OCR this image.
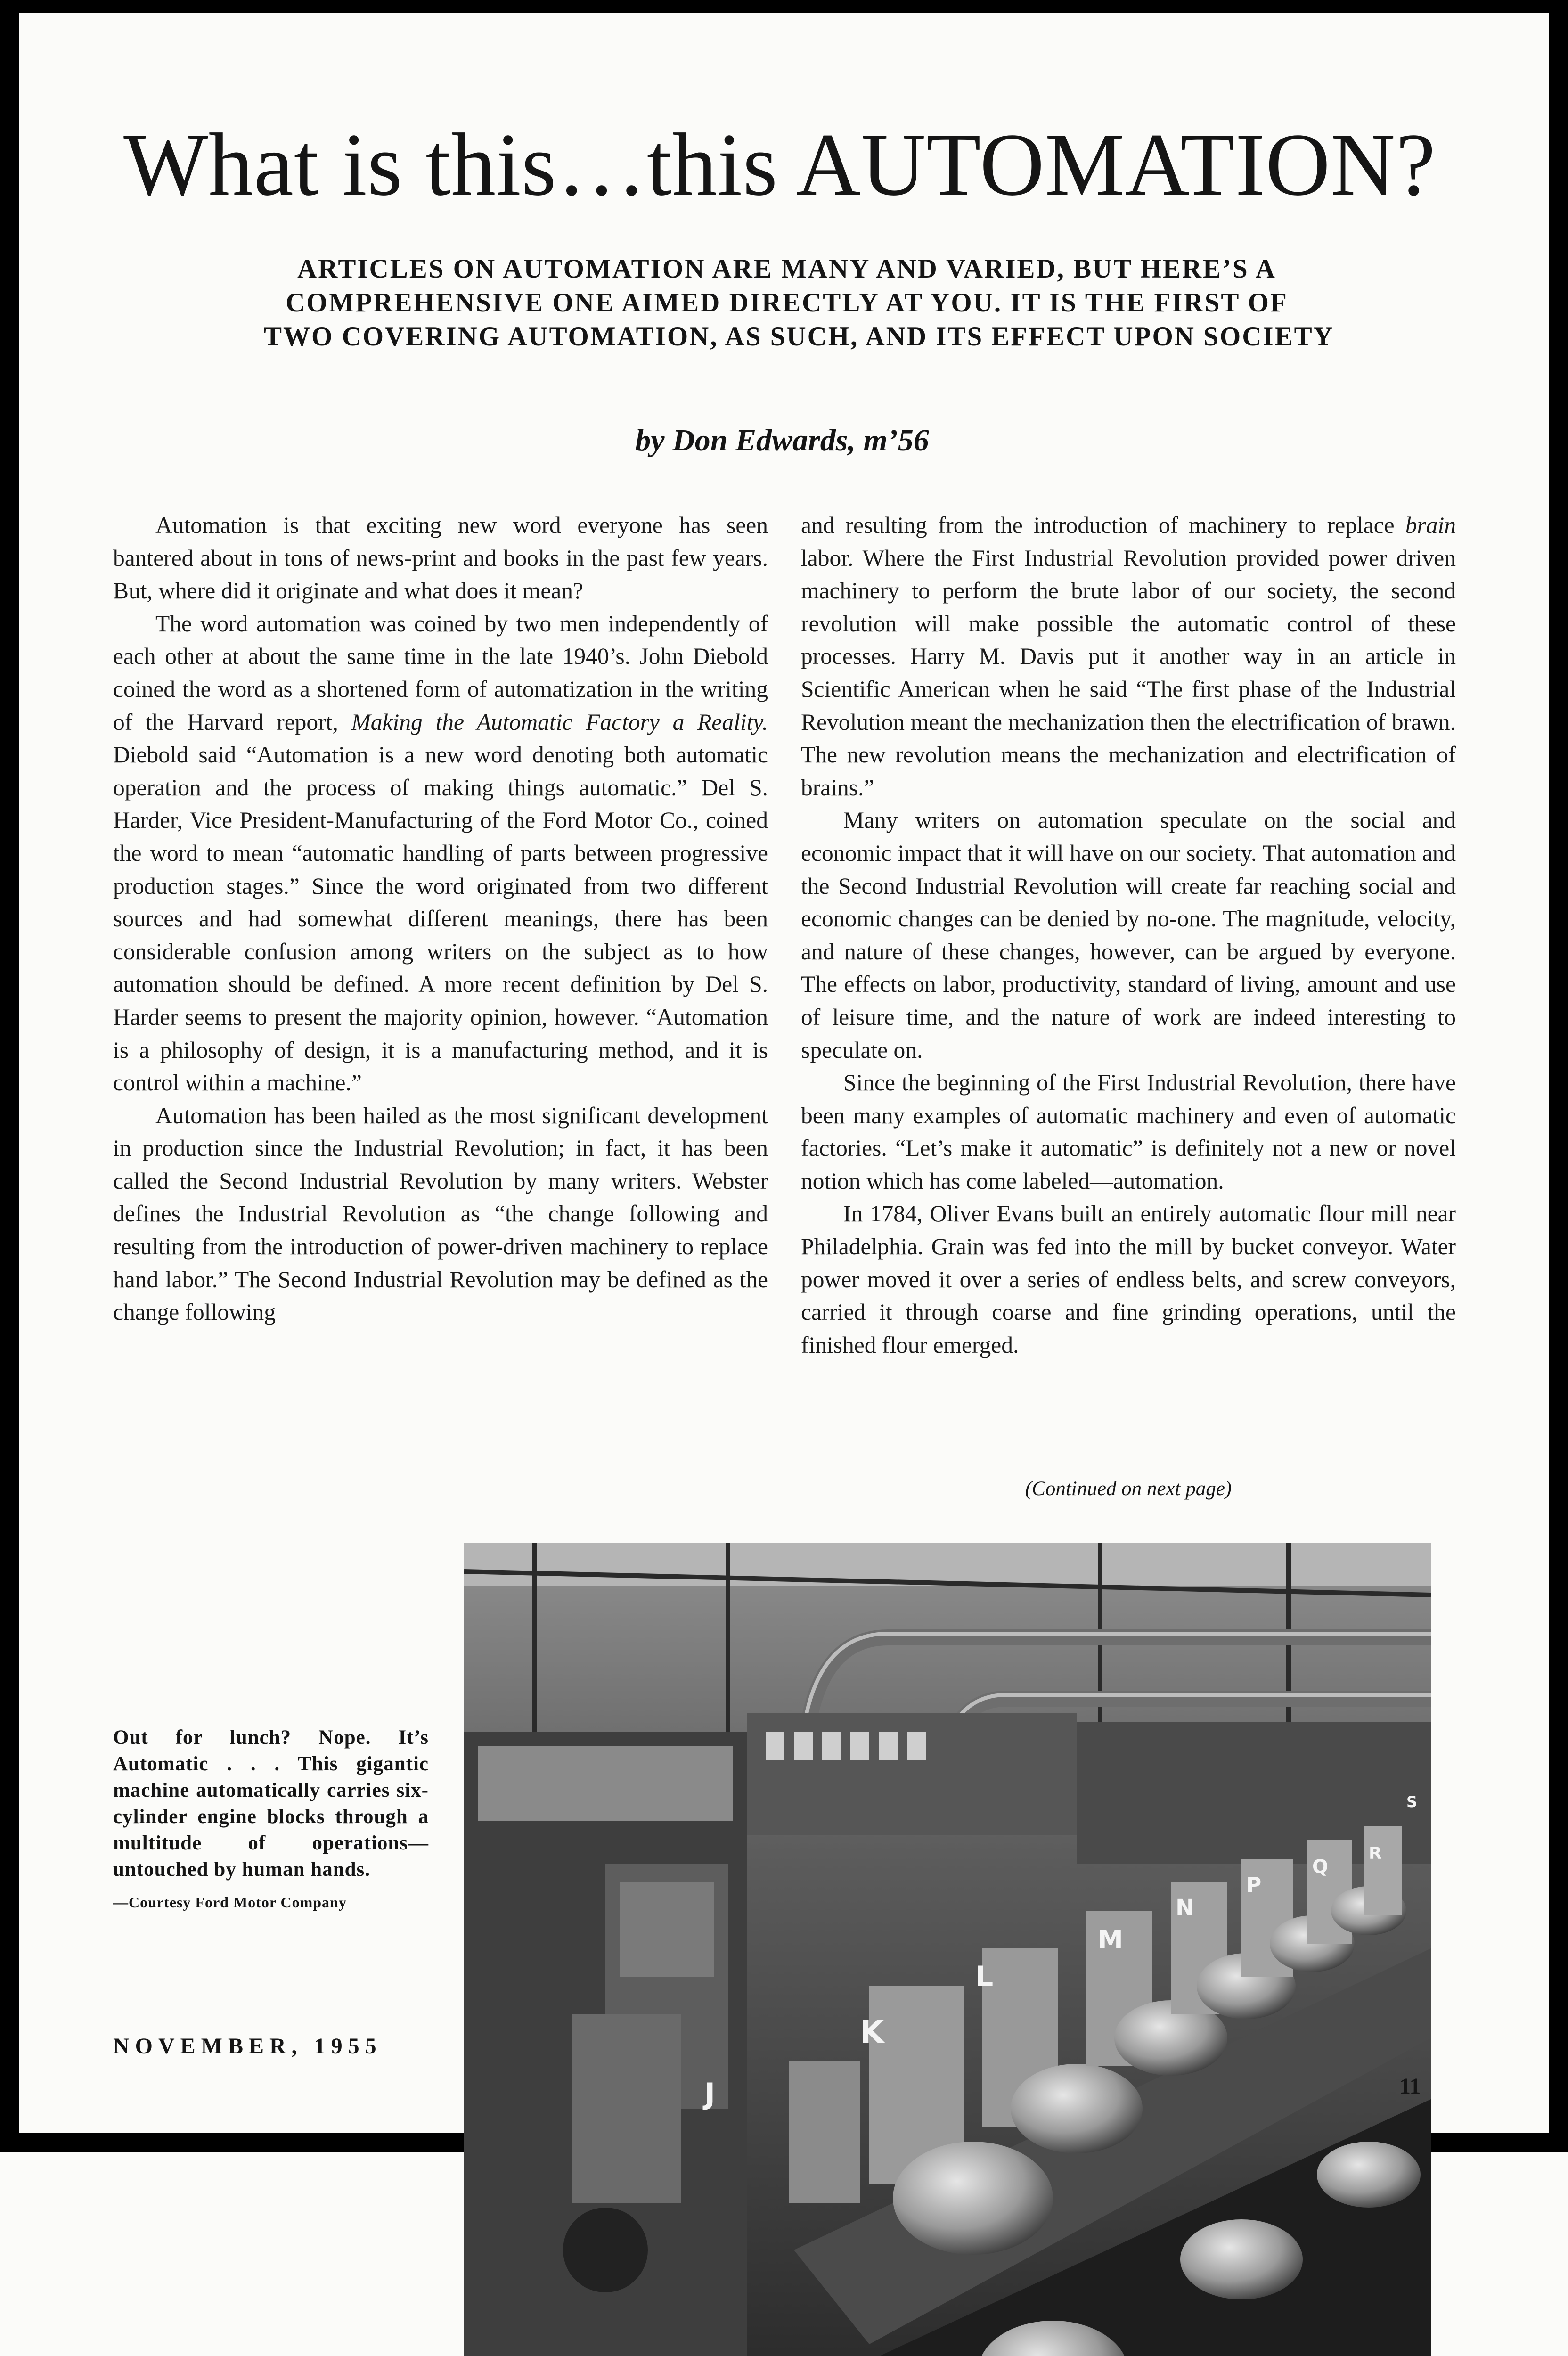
What is this…this AUTOMATION?
ARTICLES ON AUTOMATION ARE MANY AND VARIED, BUT HERE’S A
COMPREHENSIVE ONE AIMED DIRECTLY AT YOU. IT IS THE FIRST OF
TWO COVERING AUTOMATION, AS SUCH, AND ITS EFFECT UPON SOCIETY
by Don Edwards, m’56

Automation is that exciting new word everyone has seen bantered about in tons of news-print and books in the past few years. But, where did it originate and what does it mean?

The word automation was coined by two men independently of each other at about the same time in the late 1940’s. John Diebold coined the word as a shortened form of automatization in the writing of the Harvard report, Making the Automatic Factory a Reality. Diebold said “Automation is a new word denoting both automatic operation and the process of making things automatic.” Del S. Harder, Vice President-Manufacturing of the Ford Motor Co., coined the word to mean “automatic handling of parts between progressive production stages.” Since the word originated from two different sources and had somewhat different meanings, there has been considerable confusion among writers on the subject as to how automation should be defined. A more recent definition by Del S. Harder seems to present the majority opinion, however. “Automation is a philosophy of design, it is a manufacturing method, and it is control within a machine.”

Automation has been hailed as the most significant development in production since the Industrial Revolution; in fact, it has been called the Second Industrial Revolution by many writers. Webster defines the Industrial Revolution as “the change following and resulting from the introduction of power-driven machinery to replace hand labor.” The Second Industrial Revolution may be defined as the change following

and resulting from the introduction of machinery to replace brain labor. Where the First Industrial Revolution provided power driven machinery to perform the brute labor of our society, the second revolution will make possible the automatic control of these processes. Harry M. Davis put it another way in an article in Scientific American when he said “The first phase of the Industrial Revolution meant the mechanization then the electrification of brawn. The new revolution means the mechanization and electrification of brains.”

Many writers on automation speculate on the social and economic impact that it will have on our society. That automation and the Second Industrial Revolution will create far reaching social and economic changes can be denied by no-one. The magnitude, velocity, and nature of these changes, however, can be argued by everyone. The effects on labor, productivity, standard of living, amount and use of leisure time, and the nature of work are indeed interesting to speculate on.

Since the beginning of the First Industrial Revolution, there have been many examples of automatic machinery and even of automatic factories. “Let’s make it automatic” is definitely not a new or novel notion which has come labeled—automation.

In 1784, Oliver Evans built an entirely automatic flour mill near Philadelphia. Grain was fed into the mill by bucket conveyor. Water power moved it over a series of endless belts, and screw conveyors, carried it through coarse and fine grinding operations, until the finished flour emerged.

(Continued on next page)
J
K
L
M
N
P
Q
R
S
Out for lunch? Nope. It’s Automatic . . . This gigantic machine automatically carries six-cylinder engine blocks through a multitude of operations—untouched by human hands.
—Courtesy Ford Motor Company
NOVEMBER, 1955
11
